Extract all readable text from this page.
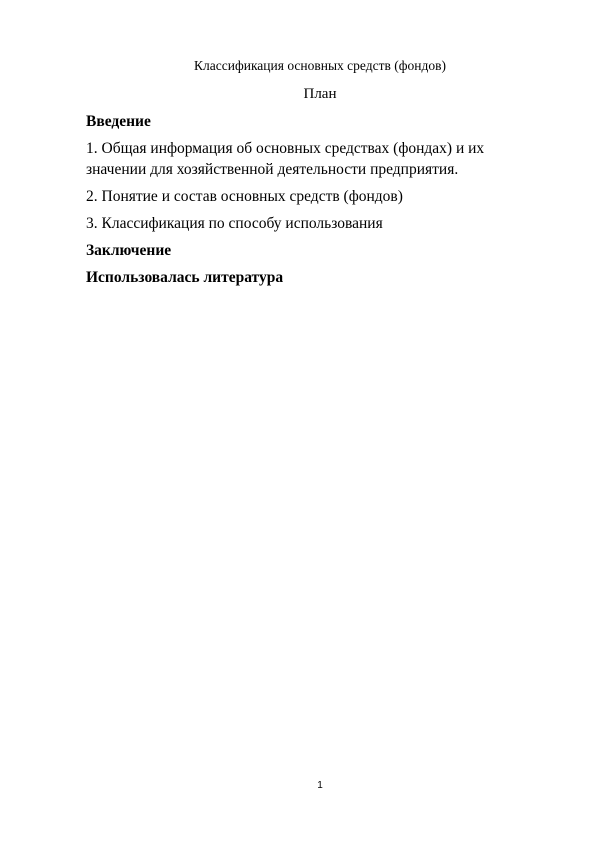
Классификация основных средств (фондов)
План

Введение

1. Общая информация об основных средствах (фондах) и их значении для хозяйственной деятельности предприятия.

2. Понятие и состав основных средств (фондов)

3. Классификация по способу использования

Заключение

Использовалась литература

1
